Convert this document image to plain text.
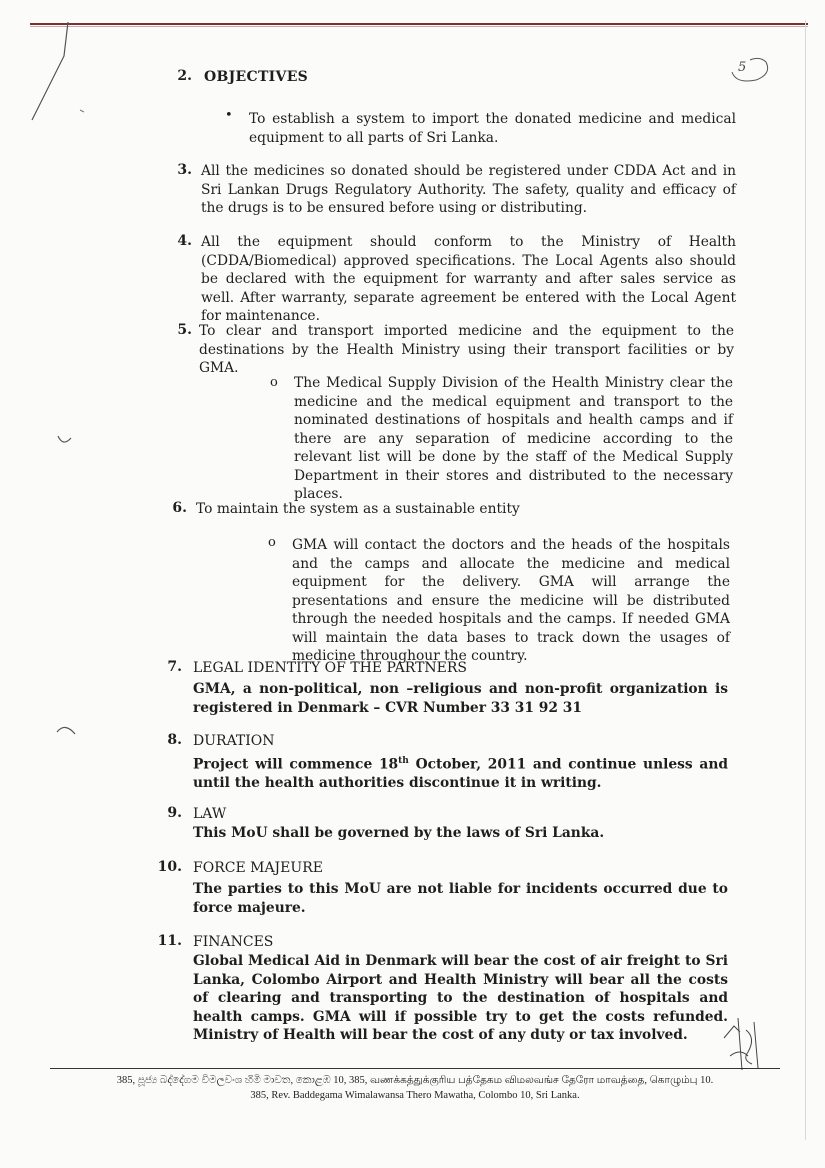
5
2. OBJECTIVES
• To establish a system to import the donated medicine and medical equipment to all parts of Sri Lanka.
3. All the medicines so donated should be registered under CDDA Act and in Sri Lankan Drugs Regulatory Authority. The safety, quality and efficacy of the drugs is to be ensured before using or distributing.
4. All the equipment should conform to the Ministry of Health (CDDA/Biomedical) approved specifications. The Local Agents also should be declared with the equipment for warranty and after sales service as well. After warranty, separate agreement be entered with the Local Agent for maintenance.
5. To clear and transport imported medicine and the equipment to the destinations by the Health Ministry using their transport facilities or by GMA.
o The Medical Supply Division of the Health Ministry clear the medicine and the medical equipment and transport to the nominated destinations of hospitals and health camps and if there are any separation of medicine according to the relevant list will be done by the staff of the Medical Supply Department in their stores and distributed to the necessary places.
6. To maintain the system as a sustainable entity
o GMA will contact the doctors and the heads of the hospitals and the camps and allocate the medicine and medical equipment for the delivery. GMA will arrange the presentations and ensure the medicine will be distributed through the needed hospitals and the camps. If needed GMA will maintain the data bases to track down the usages of medicine throughour the country.
7. LEGAL IDENTITY OF THE PARTNERS
GMA, a non-political, non –religious and non-profit organization is registered in Denmark – CVR Number 33 31 92 31
8. DURATION
Project will commence 18th October, 2011 and continue unless and until the health authorities discontinue it in writing.
9. LAW
This MoU shall be governed by the laws of Sri Lanka.
10. FORCE MAJEURE
The parties to this MoU are not liable for incidents occurred due to force majeure.
11. FINANCES
Global Medical Aid in Denmark will bear the cost of air freight to Sri Lanka, Colombo Airport and Health Ministry will bear all the costs of clearing and transporting to the destination of hospitals and health camps. GMA will if possible try to get the costs refunded. Ministry of Health will bear the cost of any duty or tax involved.
385, පූජ්‍ය බද්දේගම විමලවංශ හිමි මාවත, කොළඹ 10, 385, வணக்கத்துக்குரிய பத்தேகம விமலவங்ச தேரோ மாவத்தை, கொழும்பு 10.
385, Rev. Baddegama Wimalawansa Thero Mawatha, Colombo 10, Sri Lanka.
